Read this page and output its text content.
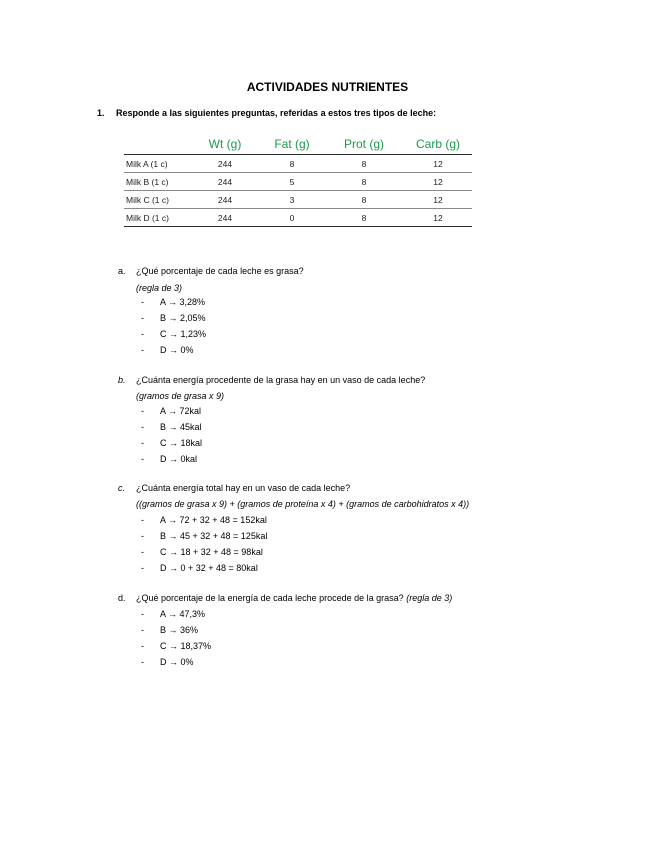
ACTIVIDADES NUTRIENTES
1. Responde a las siguientes preguntas, referidas a estos tres tipos de leche:
	Wt (g)	Fat (g)	Prot (g)	Carb (g)
Milk A (1 c)	244	8	8	12
Milk B (1 c)	244	5	8	12
Milk C (1 c)	244	3	8	12
Milk D (1 c)	244	0	8	12
a. ¿Qué porcentaje de cada leche es grasa?
(regla de 3)
- A → 3,28%
- B → 2,05%
- C → 1,23%
- D → 0%
b. ¿Cuánta energía procedente de la grasa hay en un vaso de cada leche?
(gramos de grasa x 9)
- A → 72kal
- B → 45kal
- C → 18kal
- D → 0kal
c. ¿Cuánta energía total hay en un vaso de cada leche?
((gramos de grasa x 9) + (gramos de proteína x 4) + (gramos de carbohidratos x 4))
- A → 72 + 32 + 48 = 152kal
- B → 45 + 32 + 48 = 125kal
- C → 18 + 32 + 48 = 98kal
- D → 0 + 32 + 48 = 80kal
d. ¿Qué porcentaje de la energía de cada leche procede de la grasa? (regla de 3)
- A → 47,3%
- B → 36%
- C → 18,37%
- D → 0%
